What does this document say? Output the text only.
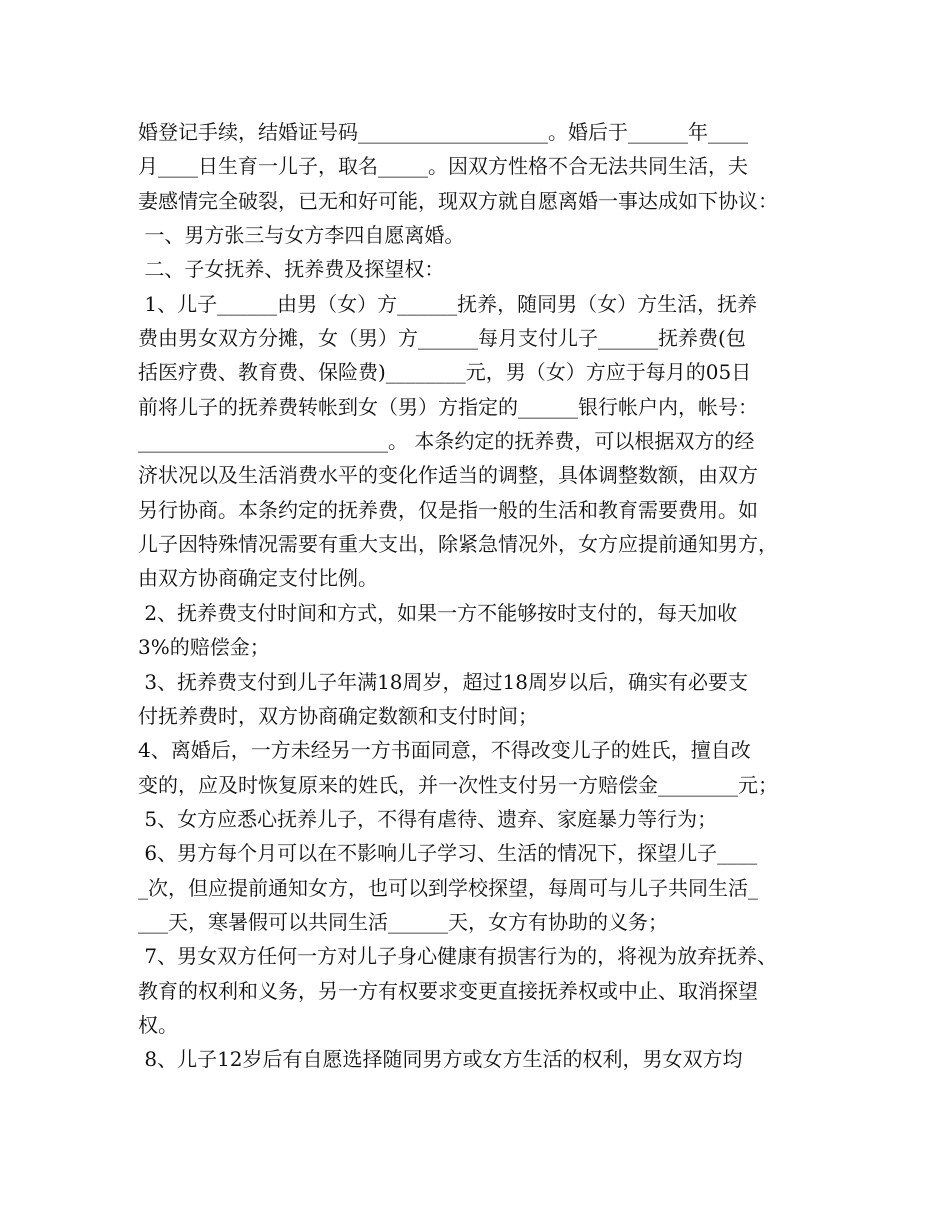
婚登记手续，结婚证号码___________________。婚后于______年____
月____日生育一儿子，取名_____。因双方性格不合无法共同生活，夫
妻感情完全破裂，已无和好可能，现双方就自愿离婚一事达成如下协议：
一、男方张三与女方李四自愿离婚。
二、子女抚养、抚养费及探望权：
1、儿子______由男（女）方______抚养，随同男（女）方生活，抚养
费由男女双方分摊，女（男）方______每月支付儿子______抚养费(包
括医疗费、教育费、保险费)________元，男（女）方应于每月的05日
前将儿子的抚养费转帐到女（男）方指定的______银行帐户内，帐号：
_________________________。 本条约定的抚养费，可以根据双方的经
济状况以及生活消费水平的变化作适当的调整，具体调整数额，由双方
另行协商。本条约定的抚养费，仅是指一般的生活和教育需要费用。如
儿子因特殊情况需要有重大支出，除紧急情况外，女方应提前通知男方，
由双方协商确定支付比例。
2、抚养费支付时间和方式，如果一方不能够按时支付的，每天加收
3%的赔偿金；
3、抚养费支付到儿子年满18周岁，超过18周岁以后，确实有必要支
付抚养费时，双方协商确定数额和支付时间；
4、离婚后，一方未经另一方书面同意，不得改变儿子的姓氏，擅自改
变的，应及时恢复原来的姓氏，并一次性支付另一方赔偿金________元；
5、女方应悉心抚养儿子，不得有虐待、遗弃、家庭暴力等行为；
6、男方每个月可以在不影响儿子学习、生活的情况下，探望儿子____
_次，但应提前通知女方，也可以到学校探望，每周可与儿子共同生活_
___天，寒暑假可以共同生活______天，女方有协助的义务；
7、男女双方任何一方对儿子身心健康有损害行为的，将视为放弃抚养、
教育的权利和义务，另一方有权要求变更直接抚养权或中止、取消探望
权。
8、儿子12岁后有自愿选择随同男方或女方生活的权利，男女双方均
